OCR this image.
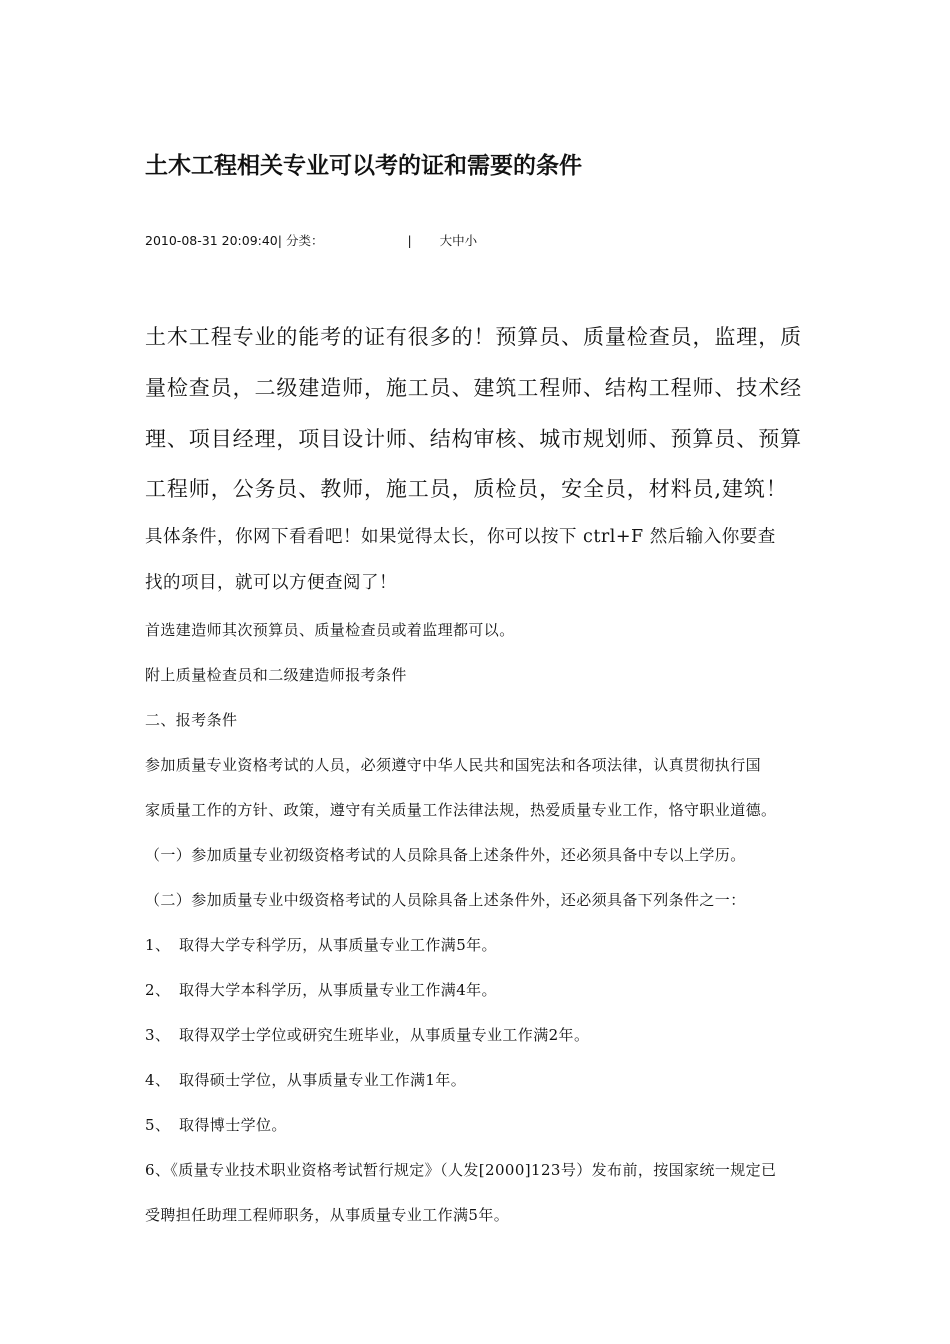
土木工程相关专业可以考的证和需要的条件
2010-08-31 20:09:40| 分类：	| 大中小
土木工程专业的能考的证有很多的！预算员、质量检查员，监理，质
量检查员，二级建造师，施工员、建筑工程师、结构工程师、技术经
理、项目经理，项目设计师、结构审核、城市规划师、预算员、预算
工程师，公务员、教师，施工员，质检员，安全员，材料员,建筑！
具体条件，你网下看看吧！如果觉得太长，你可以按下 ctrl+F 然后输入你要查
找的项目，就可以方便查阅了！
首选建造师其次预算员、质量检查员或着监理都可以。
附上质量检查员和二级建造师报考条件
二、报考条件
参加质量专业资格考试的人员，必须遵守中华人民共和国宪法和各项法律，认真贯彻执行国
家质量工作的方针、政策，遵守有关质量工作法律法规，热爱质量专业工作，恪守职业道德。
（一）参加质量专业初级资格考试的人员除具备上述条件外，还必须具备中专以上学历。
（二）参加质量专业中级资格考试的人员除具备上述条件外，还必须具备下列条件之一：
1、 取得大学专科学历，从事质量专业工作满5年。
2、 取得大学本科学历，从事质量专业工作满4年。
3、 取得双学士学位或研究生班毕业，从事质量专业工作满2年。
4、 取得硕士学位，从事质量专业工作满1年。
5、 取得博士学位。
6、《质量专业技术职业资格考试暂行规定》（人发[2000]123号）发布前，按国家统一规定已
受聘担任助理工程师职务，从事质量专业工作满5年。
